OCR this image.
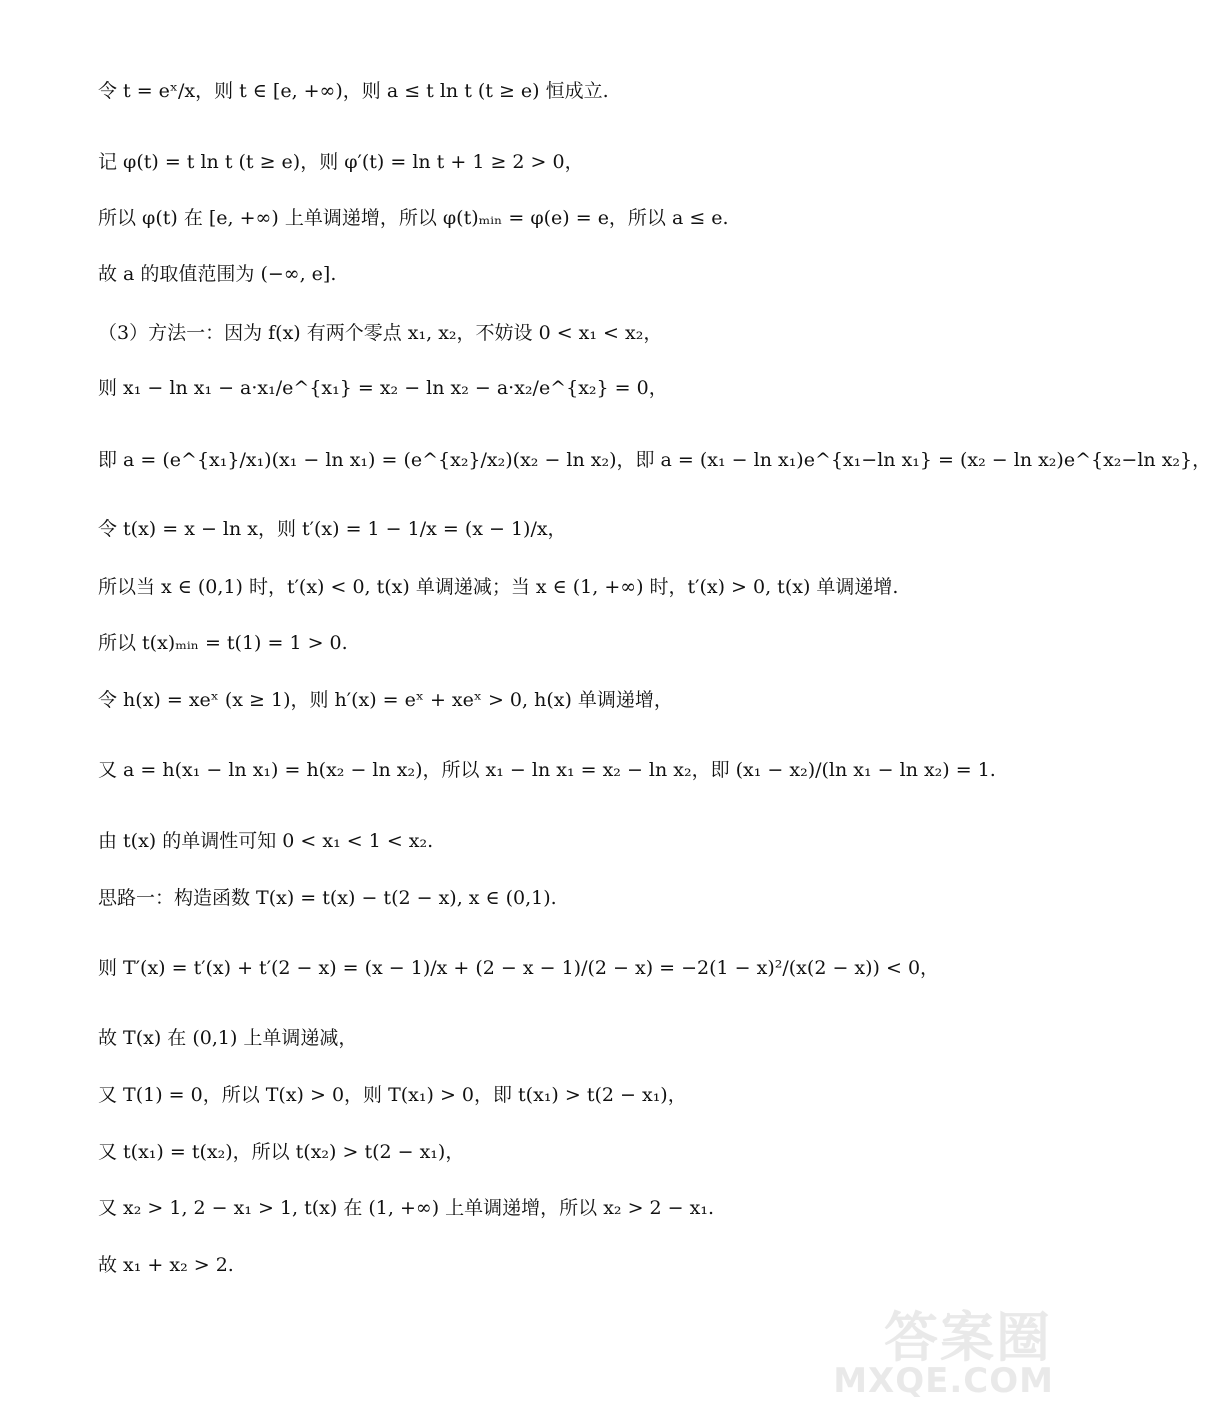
令 t = eˣ/x，则 t ∈ [e, +∞)，则 a ≤ t ln t (t ≥ e) 恒成立.
记 φ(t) = t ln t (t ≥ e)，则 φ′(t) = ln t + 1 ≥ 2 > 0，
所以 φ(t) 在 [e, +∞) 上单调递增，所以 φ(t)ₘᵢₙ = φ(e) = e，所以 a ≤ e.
故 a 的取值范围为 (−∞, e].
（3）方法一：因为 f(x) 有两个零点 x₁, x₂，不妨设 0 < x₁ < x₂，
则 x₁ − ln x₁ − a·x₁/e^{x₁} = x₂ − ln x₂ − a·x₂/e^{x₂} = 0，
即 a = (e^{x₁}/x₁)(x₁ − ln x₁) = (e^{x₂}/x₂)(x₂ − ln x₂)，即 a = (x₁ − ln x₁)e^{x₁−ln x₁} = (x₂ − ln x₂)e^{x₂−ln x₂}，
令 t(x) = x − ln x，则 t′(x) = 1 − 1/x = (x − 1)/x，
所以当 x ∈ (0,1) 时，t′(x) < 0, t(x) 单调递减；当 x ∈ (1, +∞) 时，t′(x) > 0, t(x) 单调递增.
所以 t(x)ₘᵢₙ = t(1) = 1 > 0.
令 h(x) = xeˣ (x ≥ 1)，则 h′(x) = eˣ + xeˣ > 0, h(x) 单调递增，
又 a = h(x₁ − ln x₁) = h(x₂ − ln x₂)，所以 x₁ − ln x₁ = x₂ − ln x₂，即 (x₁ − x₂)/(ln x₁ − ln x₂) = 1.
由 t(x) 的单调性可知 0 < x₁ < 1 < x₂.
思路一：构造函数 T(x) = t(x) − t(2 − x), x ∈ (0,1).
则 T′(x) = t′(x) + t′(2 − x) = (x − 1)/x + (2 − x − 1)/(2 − x) = −2(1 − x)²/(x(2 − x)) < 0，
故 T(x) 在 (0,1) 上单调递减，
又 T(1) = 0，所以 T(x) > 0，则 T(x₁) > 0，即 t(x₁) > t(2 − x₁)，
又 t(x₁) = t(x₂)，所以 t(x₂) > t(2 − x₁)，
又 x₂ > 1, 2 − x₁ > 1, t(x) 在 (1, +∞) 上单调递增，所以 x₂ > 2 − x₁.
故 x₁ + x₂ > 2.
答案圈
MXQE.COM
